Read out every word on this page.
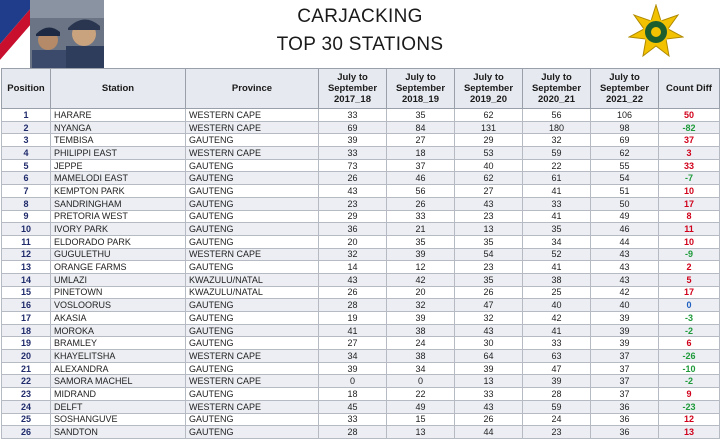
CARJACKING
TOP 30 STATIONS
Position	Station	Province	July to
September
2017_18	July to
September
2018_19	July to
September
2019_20	July to
September
2020_21	July to
September
2021_22	Count Diff
1	HARARE	WESTERN CAPE	33	35	62	56	106	50
2	NYANGA	WESTERN CAPE	69	84	131	180	98	-82
3	TEMBISA	GAUTENG	39	27	29	32	69	37
4	PHILIPPI EAST	WESTERN CAPE	33	18	53	59	62	3
5	JEPPE	GAUTENG	73	37	40	22	55	33
6	MAMELODI EAST	GAUTENG	26	46	62	61	54	-7
7	KEMPTON PARK	GAUTENG	43	56	27	41	51	10
8	SANDRINGHAM	GAUTENG	23	26	43	33	50	17
9	PRETORIA WEST	GAUTENG	29	33	23	41	49	8
10	IVORY PARK	GAUTENG	36	21	13	35	46	11
11	ELDORADO PARK	GAUTENG	20	35	35	34	44	10
12	GUGULETHU	WESTERN CAPE	32	39	54	52	43	-9
13	ORANGE FARMS	GAUTENG	14	12	23	41	43	2
14	UMLAZI	KWAZULU/NATAL	43	42	35	38	43	5
15	PINETOWN	KWAZULU/NATAL	26	20	26	25	42	17
16	VOSLOORUS	GAUTENG	28	32	47	40	40	0
17	AKASIA	GAUTENG	19	39	32	42	39	-3
18	MOROKA	GAUTENG	41	38	43	41	39	-2
19	BRAMLEY	GAUTENG	27	24	30	33	39	6
20	KHAYELITSHA	WESTERN CAPE	34	38	64	63	37	-26
21	ALEXANDRA	GAUTENG	39	34	39	47	37	-10
22	SAMORA MACHEL	WESTERN CAPE	0	0	13	39	37	-2
23	MIDRAND	GAUTENG	18	22	33	28	37	9
24	DELFT	WESTERN CAPE	45	49	43	59	36	-23
25	SOSHANGUVE	GAUTENG	33	15	26	24	36	12
26	SANDTON	GAUTENG	28	13	44	23	36	13
